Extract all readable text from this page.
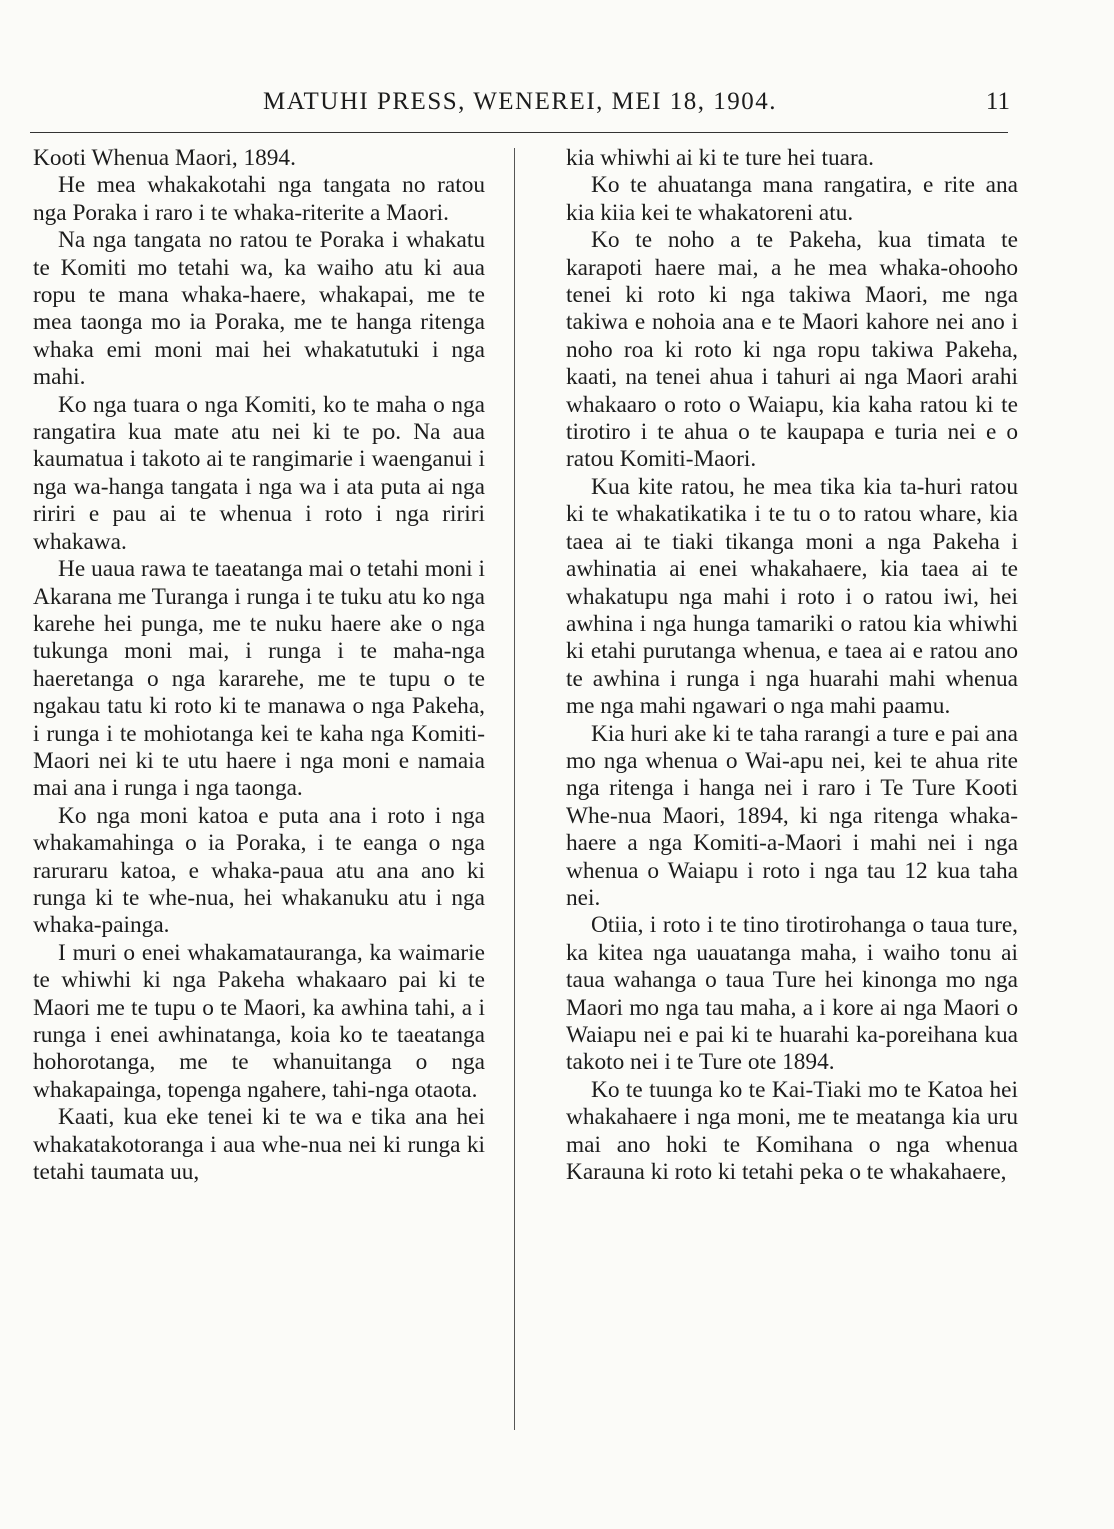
MATUHI PRESS, WENEREI, MEI 18, 1904.	11

Kooti Whenua Maori, 1894.

He mea whakakotahi nga tangata no ratou nga Poraka i raro i te whaka-riterite a Maori.

Na nga tangata no ratou te Poraka i whakatu te Komiti mo tetahi wa, ka waiho atu ki aua ropu te mana whaka-haere, whakapai, me te mea taonga mo ia Poraka, me te hanga ritenga whaka emi moni mai hei whakatutuki i nga mahi.

Ko nga tuara o nga Komiti, ko te maha o nga rangatira kua mate atu nei ki te po. Na aua kaumatua i takoto ai te rangimarie i waenganui i nga wa-hanga tangata i nga wa i ata puta ai nga ririri e pau ai te whenua i roto i nga ririri whakawa.

He uaua rawa te taeatanga mai o tetahi moni i Akarana me Turanga i runga i te tuku atu ko nga karehe hei punga, me te nuku haere ake o nga tukunga moni mai, i runga i te maha-nga haeretanga o nga kararehe, me te tupu o te ngakau tatu ki roto ki te manawa o nga Pakeha, i runga i te mohiotanga kei te kaha nga Komiti-Maori nei ki te utu haere i nga moni e namaia mai ana i runga i nga taonga.

Ko nga moni katoa e puta ana i roto i nga whakamahinga o ia Poraka, i te eanga o nga raruraru katoa, e whaka-paua atu ana ano ki runga ki te whe-nua, hei whakanuku atu i nga whaka-painga.

I muri o enei whakamatauranga, ka waimarie te whiwhi ki nga Pakeha whakaaro pai ki te Maori me te tupu o te Maori, ka awhina tahi, a i runga i enei awhinatanga, koia ko te taeatanga hohorotanga, me te whanuitanga o nga whakapainga, topenga ngahere, tahi-nga otaota.

Kaati, kua eke tenei ki te wa e tika ana hei whakatakotoranga i aua whe-nua nei ki runga ki tetahi taumata uu,

kia whiwhi ai ki te ture hei tuara.

Ko te ahuatanga mana rangatira, e rite ana kia kiia kei te whakatoreni atu.

Ko te noho a te Pakeha, kua timata te karapoti haere mai, a he mea whaka-ohooho tenei ki roto ki nga takiwa Maori, me nga takiwa e nohoia ana e te Maori kahore nei ano i noho roa ki roto ki nga ropu takiwa Pakeha, kaati, na tenei ahua i tahuri ai nga Maori arahi whakaaro o roto o Waiapu, kia kaha ratou ki te tirotiro i te ahua o te kaupapa e turia nei e o ratou Komiti-Maori.

Kua kite ratou, he mea tika kia ta-huri ratou ki te whakatikatika i te tu o to ratou whare, kia taea ai te tiaki tikanga moni a nga Pakeha i awhinatia ai enei whakahaere, kia taea ai te whakatupu nga mahi i roto i o ratou iwi, hei awhina i nga hunga tamariki o ratou kia whiwhi ki etahi purutanga whenua, e taea ai e ratou ano te awhina i runga i nga huarahi mahi whenua me nga mahi ngawari o nga mahi paamu.

Kia huri ake ki te taha rarangi a ture e pai ana mo nga whenua o Wai-apu nei, kei te ahua rite nga ritenga i hanga nei i raro i Te Ture Kooti Whe-nua Maori, 1894, ki nga ritenga whaka-haere a nga Komiti-a-Maori i mahi nei i nga whenua o Waiapu i roto i nga tau 12 kua taha nei.

Otiia, i roto i te tino tirotirohanga o taua ture, ka kitea nga uauatanga maha, i waiho tonu ai taua wahanga o taua Ture hei kinonga mo nga Maori mo nga tau maha, a i kore ai nga Maori o Waiapu nei e pai ki te huarahi ka-poreihana kua takoto nei i te Ture ote 1894.

Ko te tuunga ko te Kai-Tiaki mo te Katoa hei whakahaere i nga moni, me te meatanga kia uru mai ano hoki te Komihana o nga whenua Karauna ki roto ki tetahi peka o te whakahaere,
